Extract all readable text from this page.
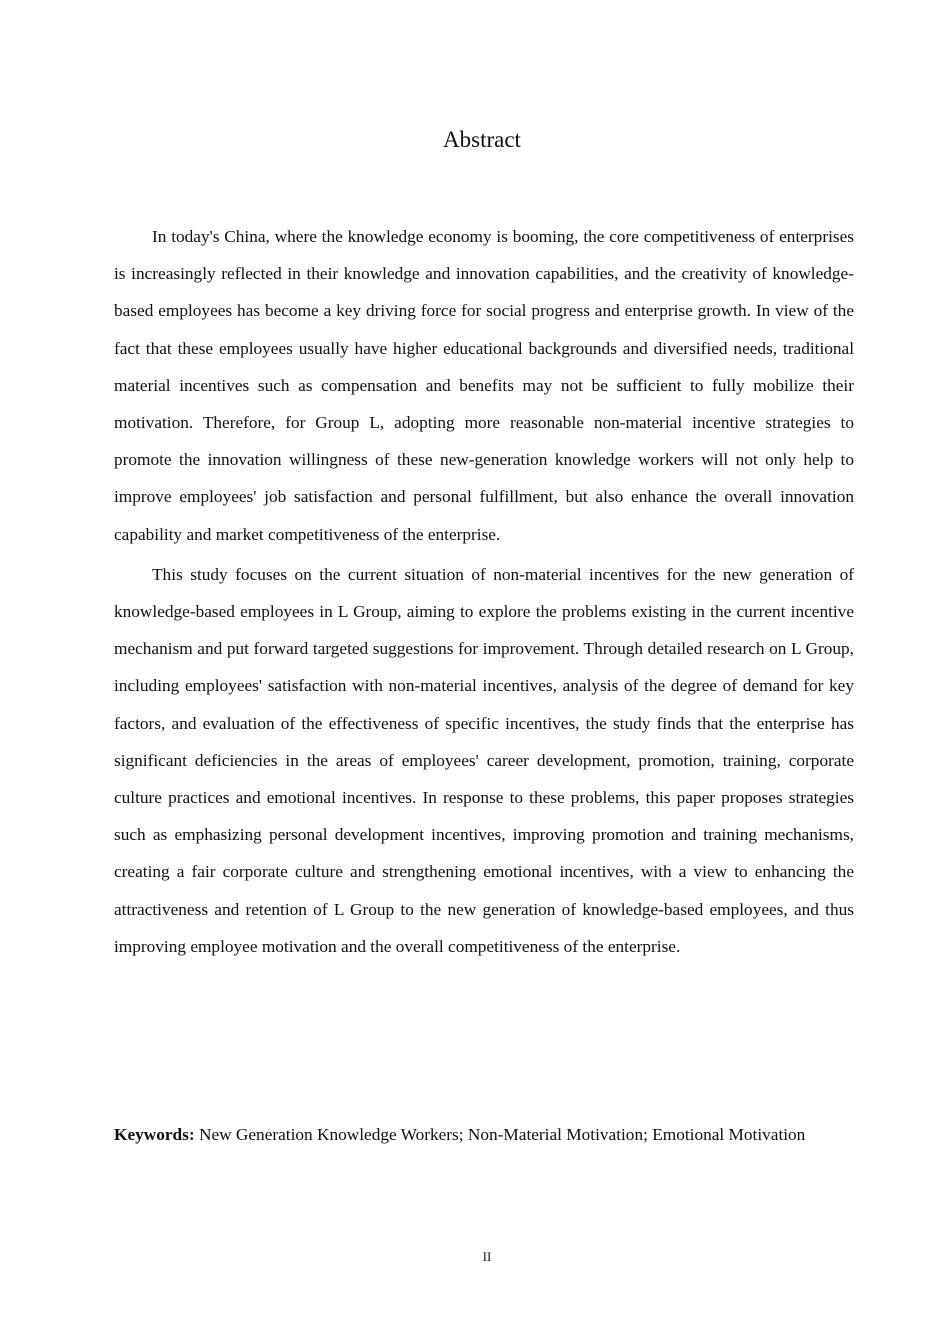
Abstract

In today's China, where the knowledge economy is booming, the core competitiveness of enterprises is increasingly reflected in their knowledge and innovation capabilities, and the creativity of knowledge-based employees has become a key driving force for social progress and enterprise growth. In view of the fact that these employees usually have higher educational backgrounds and diversified needs, traditional material incentives such as compensation and benefits may not be sufficient to fully mobilize their motivation. Therefore, for Group L, adopting more reasonable non-material incentive strategies to promote the innovation willingness of these new-generation knowledge workers will not only help to improve employees' job satisfaction and personal fulfillment, but also enhance the overall innovation capability and market competitiveness of the enterprise.

This study focuses on the current situation of non-material incentives for the new generation of knowledge-based employees in L Group, aiming to explore the problems existing in the current incentive mechanism and put forward targeted suggestions for improvement. Through detailed research on L Group, including employees' satisfaction with non-material incentives, analysis of the degree of demand for key factors, and evaluation of the effectiveness of specific incentives, the study finds that the enterprise has significant deficiencies in the areas of employees' career development, promotion, training, corporate culture practices and emotional incentives. In response to these problems, this paper proposes strategies such as emphasizing personal development incentives, improving promotion and training mechanisms, creating a fair corporate culture and strengthening emotional incentives, with a view to enhancing the attractiveness and retention of L Group to the new generation of knowledge-based employees, and thus improving employee motivation and the overall competitiveness of the enterprise.

Keywords: New Generation Knowledge Workers; Non-Material Motivation; Emotional Motivation

II
